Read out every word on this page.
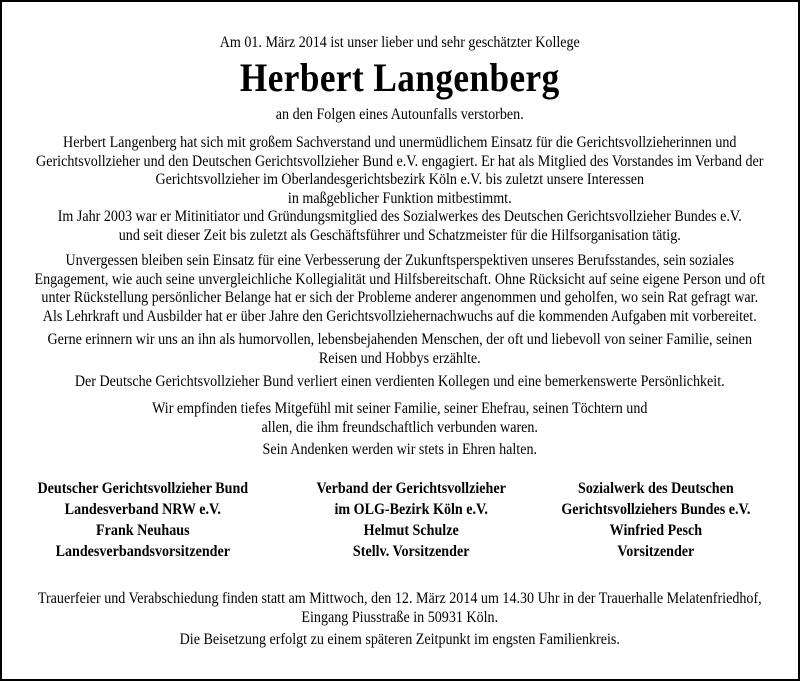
Am 01. März 2014 ist unser lieber und sehr geschätzter Kollege
Herbert Langenberg
an den Folgen eines Autounfalls verstorben.
Herbert Langenberg hat sich mit großem Sachverstand und unermüdlichem Einsatz für die Gerichtsvollzieherinnen und
Gerichtsvollzieher und den Deutschen Gerichtsvollzieher Bund e.V. engagiert. Er hat als Mitglied des Vorstandes im Verband der
Gerichtsvollzieher im Oberlandesgerichtsbezirk Köln e.V. bis zuletzt unsere Interessen
in maßgeblicher Funktion mitbestimmt.
Im Jahr 2003 war er Mitinitiator und Gründungsmitglied des Sozialwerkes des Deutschen Gerichtsvollzieher Bundes e.V.
und seit dieser Zeit bis zuletzt als Geschäftsführer und Schatzmeister für die Hilfsorganisation tätig.
Unvergessen bleiben sein Einsatz für eine Verbesserung der Zukunftsperspektiven unseres Berufsstandes, sein soziales
Engagement, wie auch seine unvergleichliche Kollegialität und Hilfsbereitschaft. Ohne Rücksicht auf seine eigene Person und oft
unter Rückstellung persönlicher Belange hat er sich der Probleme anderer angenommen und geholfen, wo sein Rat gefragt war.
Als Lehrkraft und Ausbilder hat er über Jahre den Gerichtsvollziehernachwuchs auf die kommenden Aufgaben mit vorbereitet.
Gerne erinnern wir uns an ihn als humorvollen, lebensbejahenden Menschen, der oft und liebevoll von seiner Familie, seinen
Reisen und Hobbys erzählte.
Der Deutsche Gerichtsvollzieher Bund verliert einen verdienten Kollegen und eine bemerkenswerte Persönlichkeit.
Wir empfinden tiefes Mitgefühl mit seiner Familie, seiner Ehefrau, seinen Töchtern und
allen, die ihm freundschaftlich verbunden waren.
Sein Andenken werden wir stets in Ehren halten.
Deutscher Gerichtsvollzieher Bund
Landesverband NRW e.V.
Frank Neuhaus
Landesverbandsvorsitzender
Verband der Gerichtsvollzieher
im OLG-Bezirk Köln e.V.
Helmut Schulze
Stellv. Vorsitzender
Sozialwerk des Deutschen
Gerichtsvollziehers Bundes e.V.
Winfried Pesch
Vorsitzender
Trauerfeier und Verabschiedung finden statt am Mittwoch, den 12. März 2014 um 14.30 Uhr in der Trauerhalle Melatenfriedhof,
Eingang Piusstraße in 50931 Köln.
Die Beisetzung erfolgt zu einem späteren Zeitpunkt im engsten Familienkreis.
